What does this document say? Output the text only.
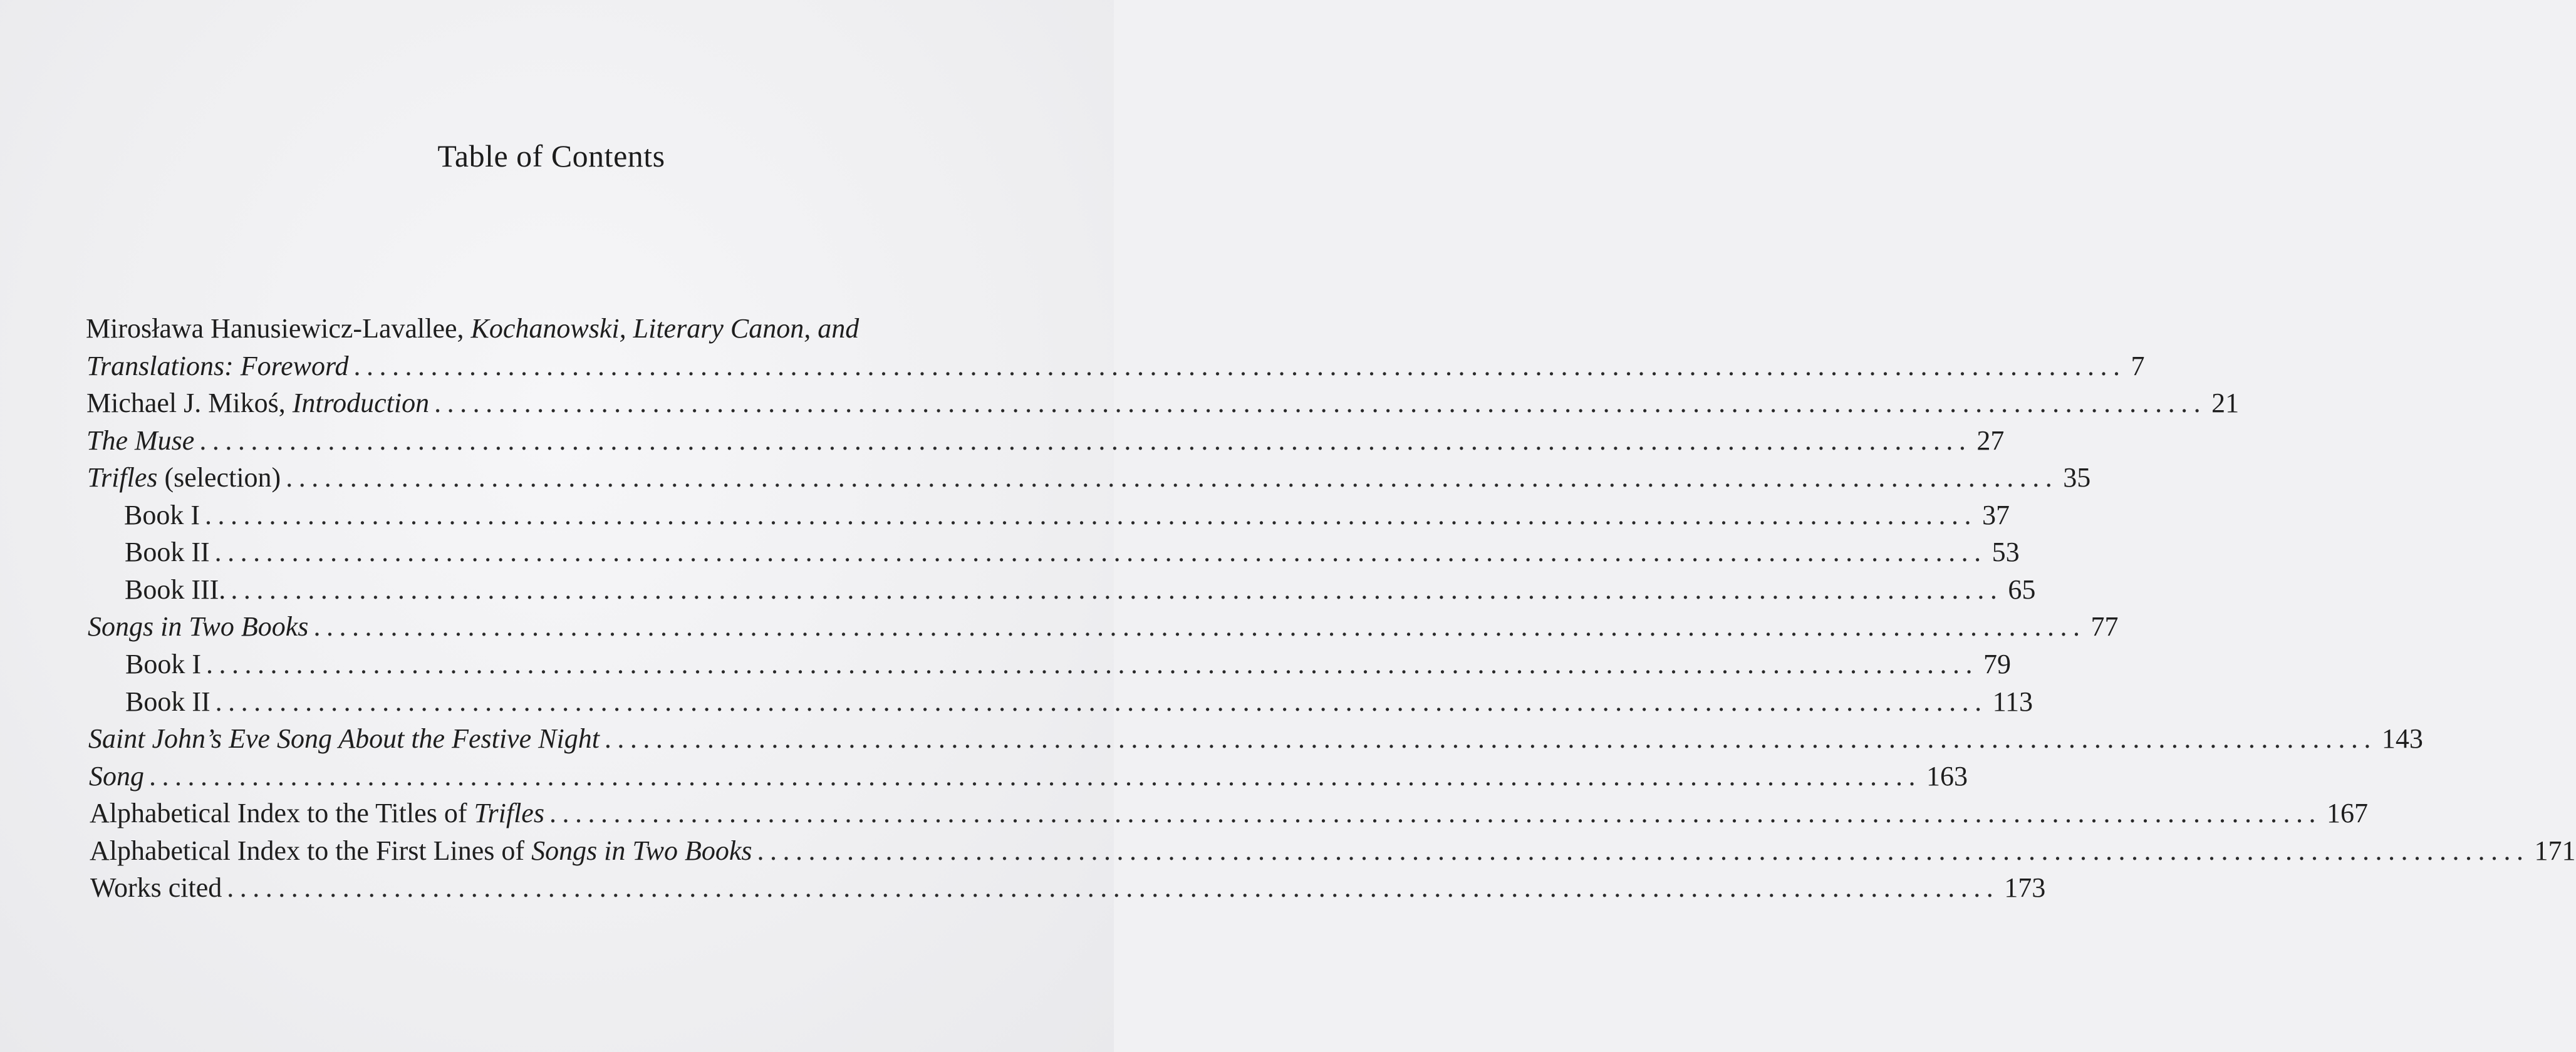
Table of Contents
Mirosława Hanusiewicz-Lavallee, Kochanowski, Literary Canon, and
Translations: Foreword .......................................................................................................................................... 7
Michael J. Mikoś, Introduction .......................................................................................................................................... 21
The Muse .......................................................................................................................................... 27
Trifles (selection) .......................................................................................................................................... 35
Book I .......................................................................................................................................... 37
Book II .......................................................................................................................................... 53
Book III. .......................................................................................................................................... 65
Songs in Two Books .......................................................................................................................................... 77
Book I .......................................................................................................................................... 79
Book II .......................................................................................................................................... 113
Saint John’s Eve Song About the Festive Night .......................................................................................................................................... 143
Song .......................................................................................................................................... 163
Alphabetical Index to the Titles of Trifles .......................................................................................................................................... 167
Alphabetical Index to the First Lines of Songs in Two Books .......................................................................................................................................... 171
Works cited .......................................................................................................................................... 173
